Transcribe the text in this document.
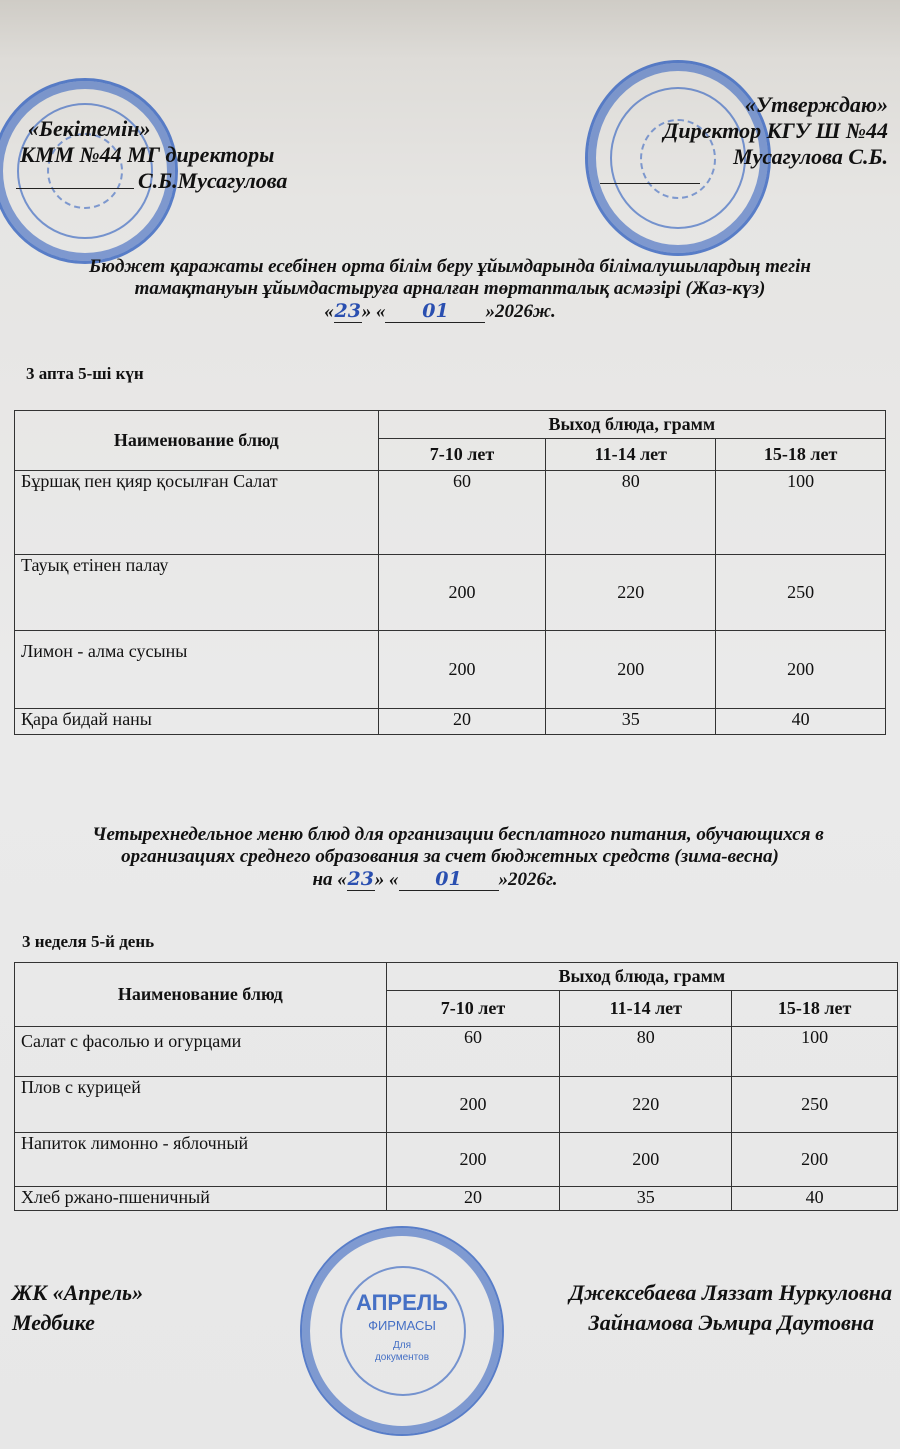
«Бекітемін»
КММ №44 МГ директоры
С.Б.Мусагулова
«Утверждаю»
Директор КГУ Ш №44
Мусагулова С.Б.
Бюджет қаражаты есебінен орта білім беру ұйымдарында білімалушылардың тегін
тамақтануын ұйымдастыруға арналған төртапталық асмәзірі (Жаз-күз)
«23» « 01 »2026ж.
3 апта 5-ші күн
Наименование блюд	Выход блюда, грамм		
	7-10 лет	11-14 лет	15-18 лет
Бұршақ пен қияр қосылған Салат	60	80	100
Тауық етінен палау	200	220	250
Лимон - алма сусыны	200	200	200
Қара бидай наны	20	35	40
Четырехнедельное меню блюд для организации бесплатного питания, обучающихся в
организациях среднего образования за счет бюджетных средств (зима-весна)
на «23» « 01 »2026г.
3 неделя 5-й день
Наименование блюд	Выход блюда, грамм		
	7-10 лет	11-14 лет	15-18 лет
Салат с фасолью и огурцами	60	80	100
Плов с курицей	200	220	250
Напиток лимонно - яблочный	200	200	200
Хлеб ржано-пшеничный	20	35	40
АПРЕЛЬ
ФИРМАСЫ
Для
документов
ЖК «Апрель»
Медбике
Джексебаева Ляззат Нуркуловна
Зайнамова Эьмира Даутовна
